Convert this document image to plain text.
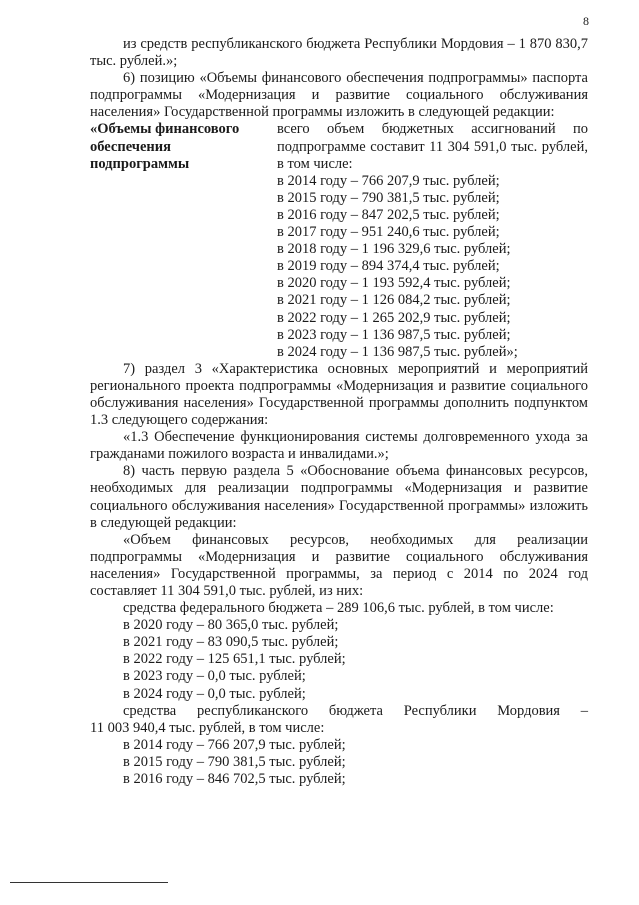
8

из средств республиканского бюджета Республики Мордовия – 1 870 830,7 тыс. рублей.»;

6) позицию «Объемы финансового обеспечения подпрограммы» паспорта подпрограммы «Модернизация и развитие социального обслуживания населения» Государственной программы изложить в следующей редакции:

«Объемы финансового обеспечения подпрограммы

всего объем бюджетных ассигнований по подпрограмме составит 11 304 591,0 тыс. рублей, в том числе:

в 2014 году – 766 207,9 тыс. рублей;

в 2015 году – 790 381,5 тыс. рублей;

в 2016 году – 847 202,5 тыс. рублей;

в 2017 году – 951 240,6 тыс. рублей;

в 2018 году – 1 196 329,6 тыс. рублей;

в 2019 году – 894 374,4 тыс. рублей;

в 2020 году – 1 193 592,4 тыс. рублей;

в 2021 году – 1 126 084,2 тыс. рублей;

в 2022 году – 1 265 202,9 тыс. рублей;

в 2023 году – 1 136 987,5 тыс. рублей;

в 2024 году – 1 136 987,5 тыс. рублей»;

7) раздел 3 «Характеристика основных мероприятий и мероприятий регионального проекта подпрограммы «Модернизация и развитие социального обслуживания населения» Государственной программы дополнить подпунктом 1.3 следующего содержания:

«1.3 Обеспечение функционирования системы долговременного ухода за гражданами пожилого возраста и инвалидами.»;

8) часть первую раздела 5 «Обоснование объема финансовых ресурсов, необходимых для реализации подпрограммы «Модернизация и развитие социального обслуживания населения» Государственной программы» изложить в следующей редакции:

«Объем финансовых ресурсов, необходимых для реализации подпрограммы «Модернизация и развитие социального обслуживания населения» Государственной программы, за период с 2014 по 2024 год составляет 11 304 591,0 тыс. рублей, из них:

средства федерального бюджета – 289 106,6 тыс. рублей, в том числе:

в 2020 году – 80 365,0 тыс. рублей;

в 2021 году – 83 090,5 тыс. рублей;

в 2022 году – 125 651,1 тыс. рублей;

в 2023 году – 0,0 тыс. рублей;

в 2024 году – 0,0 тыс. рублей;

средства республиканского бюджета Республики Мордовия –

11 003 940,4 тыс. рублей, в том числе:

в 2014 году – 766 207,9 тыс. рублей;

в 2015 году – 790 381,5 тыс. рублей;

в 2016 году – 846 702,5 тыс. рублей;
